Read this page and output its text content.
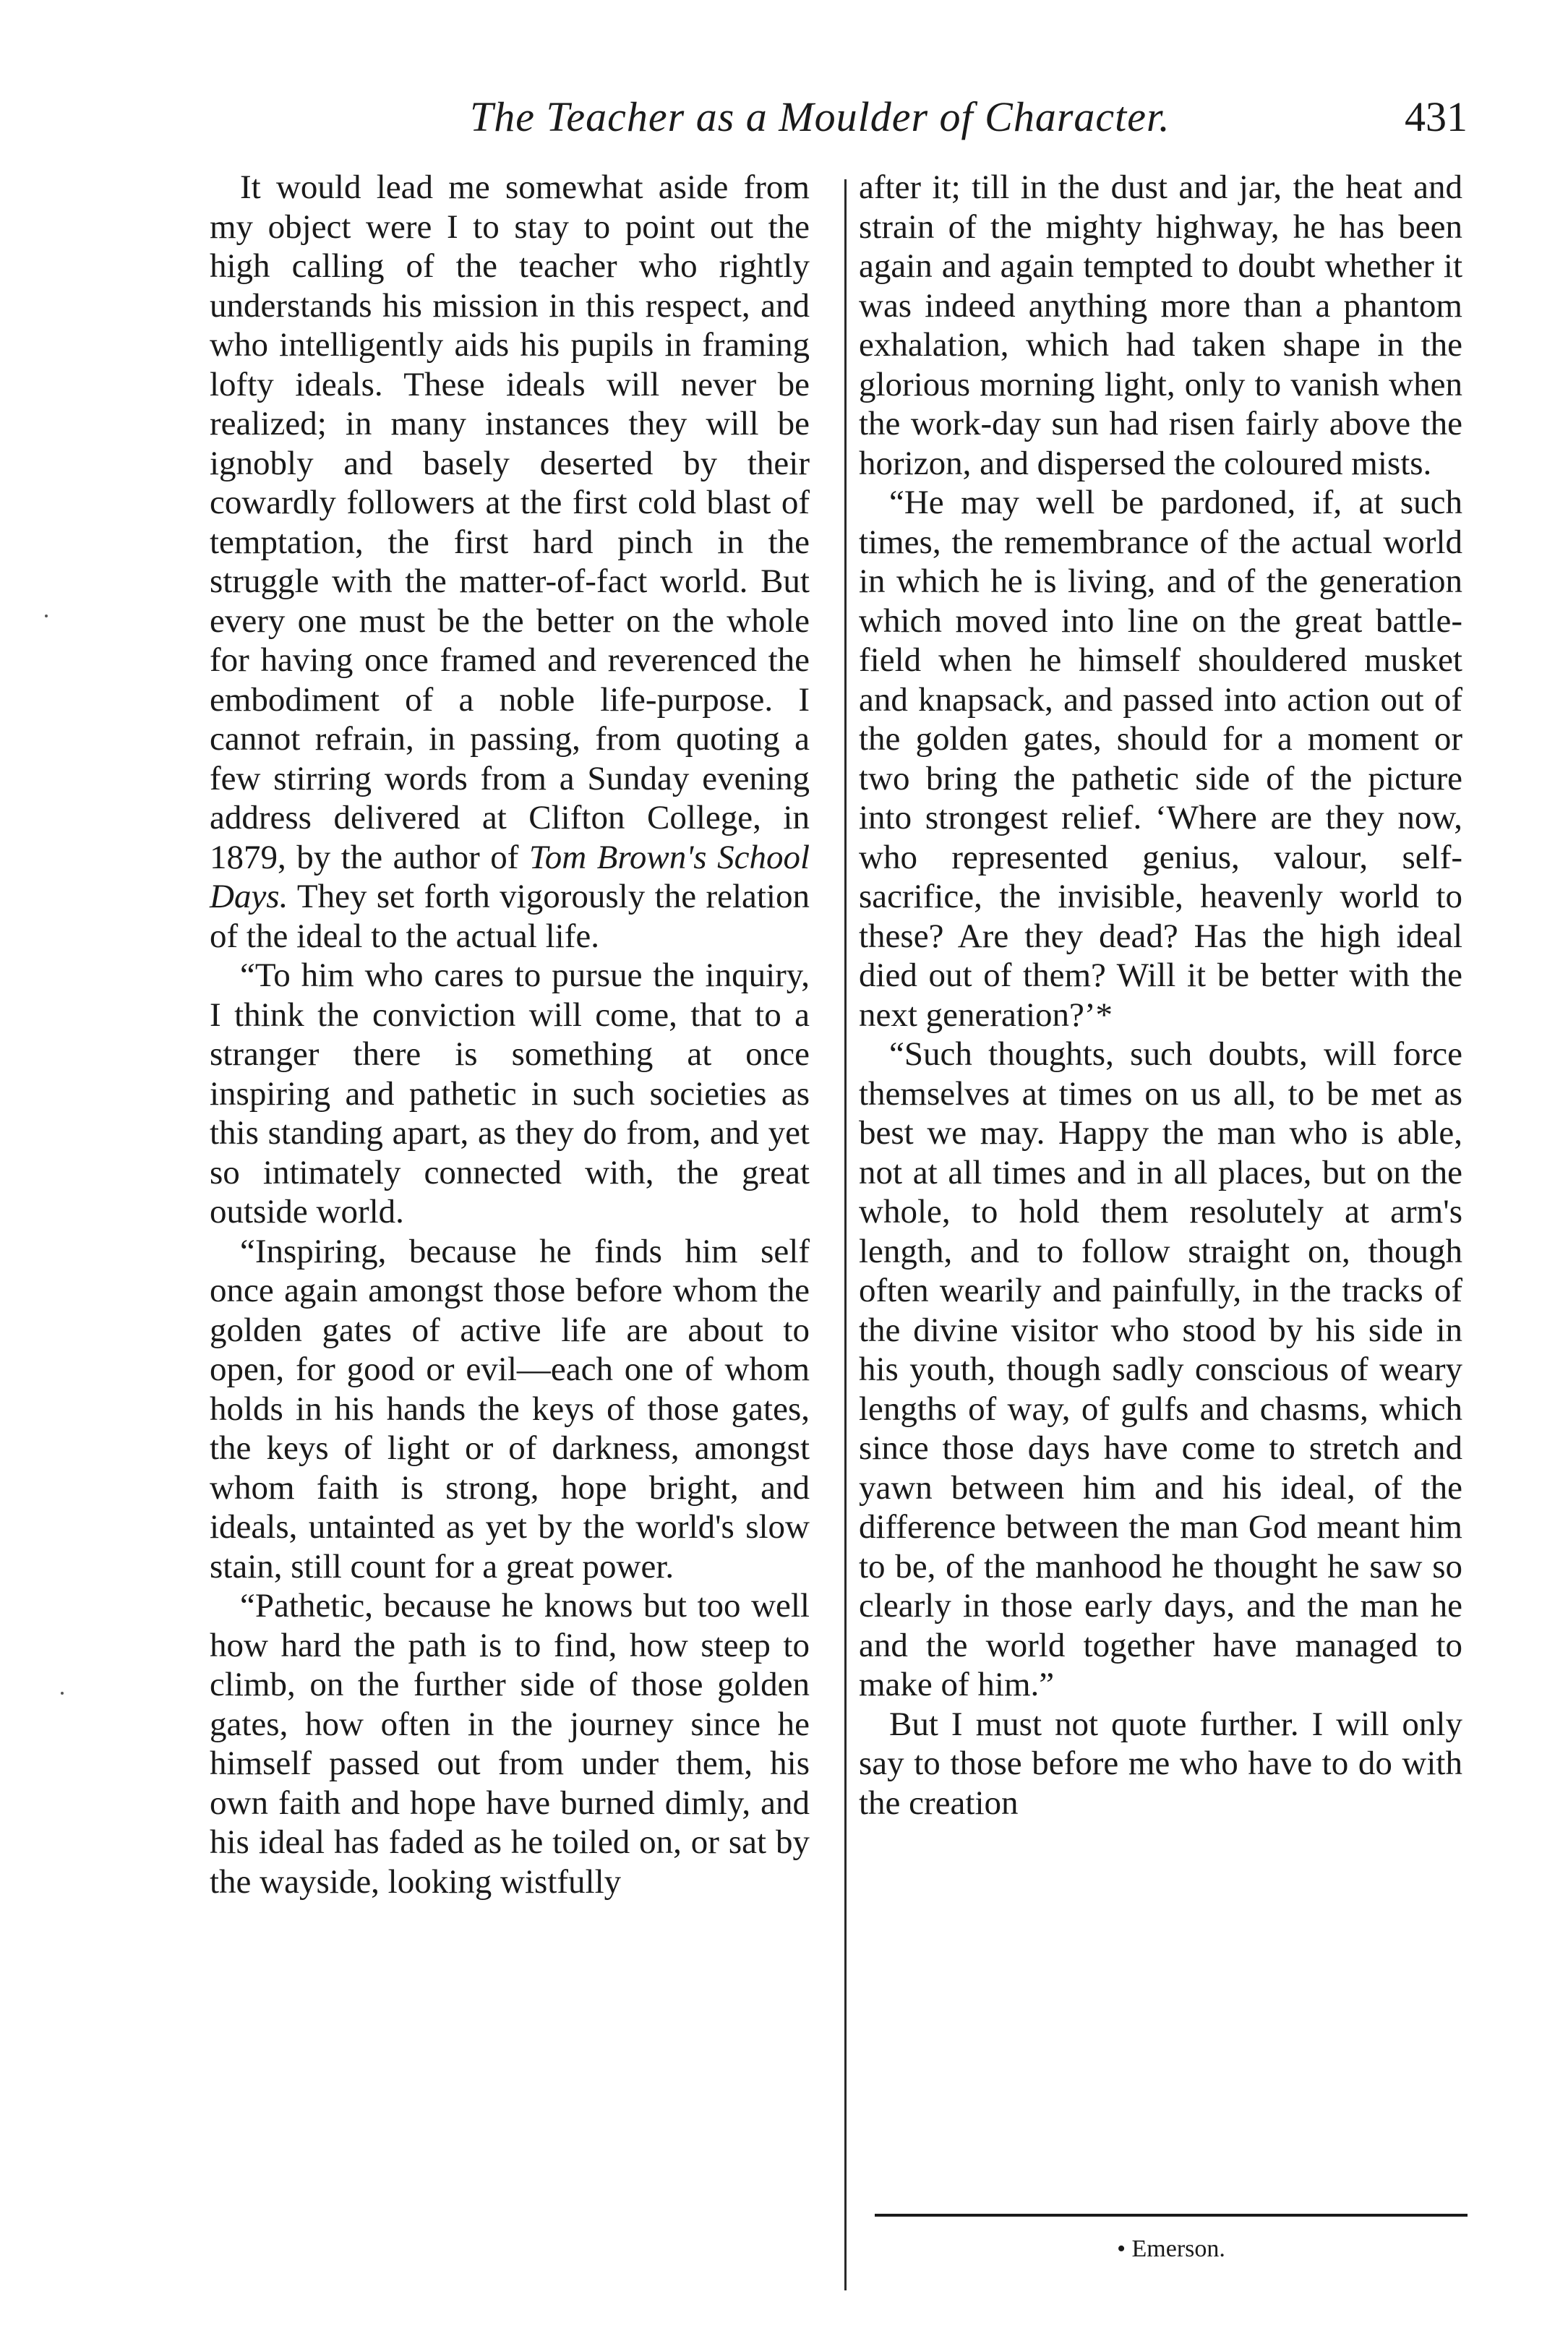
The Teacher as a Moulder of Character.	431

It would lead me somewhat aside from my object were I to stay to point out the high calling of the teacher who rightly understands his mission in this respect, and who intelligently aids his pupils in framing lofty ideals. These ideals will never be realized; in many instances they will be ignobly and basely deserted by their cowardly followers at the first cold blast of temptation, the first hard pinch in the struggle with the matter-of-fact world. But every one must be the better on the whole for having once framed and reverenced the embodiment of a noble life-purpose. I cannot refrain, in passing, from quoting a few stirring words from a Sunday evening address delivered at Clifton College, in 1879, by the author of Tom Brown's School Days. They set forth vigorously the relation of the ideal to the actual life.

“To him who cares to pursue the inquiry, I think the conviction will come, that to a stranger there is something at once inspiring and pathetic in such societies as this standing apart, as they do from, and yet so intimately connected with, the great outside world.

“Inspiring, because he finds him self once again amongst those before whom the golden gates of active life are about to open, for good or evil—each one of whom holds in his hands the keys of those gates, the keys of light or of darkness, amongst whom faith is strong, hope bright, and ideals, untainted as yet by the world's slow stain, still count for a great power.

“Pathetic, because he knows but too well how hard the path is to find, how steep to climb, on the further side of those golden gates, how often in the journey since he himself passed out from under them, his own faith and hope have burned dimly, and his ideal has faded as he toiled on, or sat by the wayside, looking wistfully

after it; till in the dust and jar, the heat and strain of the mighty highway, he has been again and again tempted to doubt whether it was indeed anything more than a phantom exhalation, which had taken shape in the glorious morning light, only to vanish when the work-day sun had risen fairly above the horizon, and dispersed the coloured mists.

“He may well be pardoned, if, at such times, the remembrance of the actual world in which he is living, and of the generation which moved into line on the great battle-field when he himself shouldered musket and knapsack, and passed into action out of the golden gates, should for a moment or two bring the pathetic side of the picture into strongest relief. ‘Where are they now, who represented genius, valour, self-sacrifice, the invisible, heavenly world to these? Are they dead? Has the high ideal died out of them? Will it be better with the next generation?’*

“Such thoughts, such doubts, will force themselves at times on us all, to be met as best we may. Happy the man who is able, not at all times and in all places, but on the whole, to hold them resolutely at arm's length, and to follow straight on, though often wearily and painfully, in the tracks of the divine visitor who stood by his side in his youth, though sadly conscious of weary lengths of way, of gulfs and chasms, which since those days have come to stretch and yawn between him and his ideal, of the difference between the man God meant him to be, of the manhood he thought he saw so clearly in those early days, and the man he and the world together have managed to make of him.”

But I must not quote further. I will only say to those before me who have to do with the creation

• Emerson.
